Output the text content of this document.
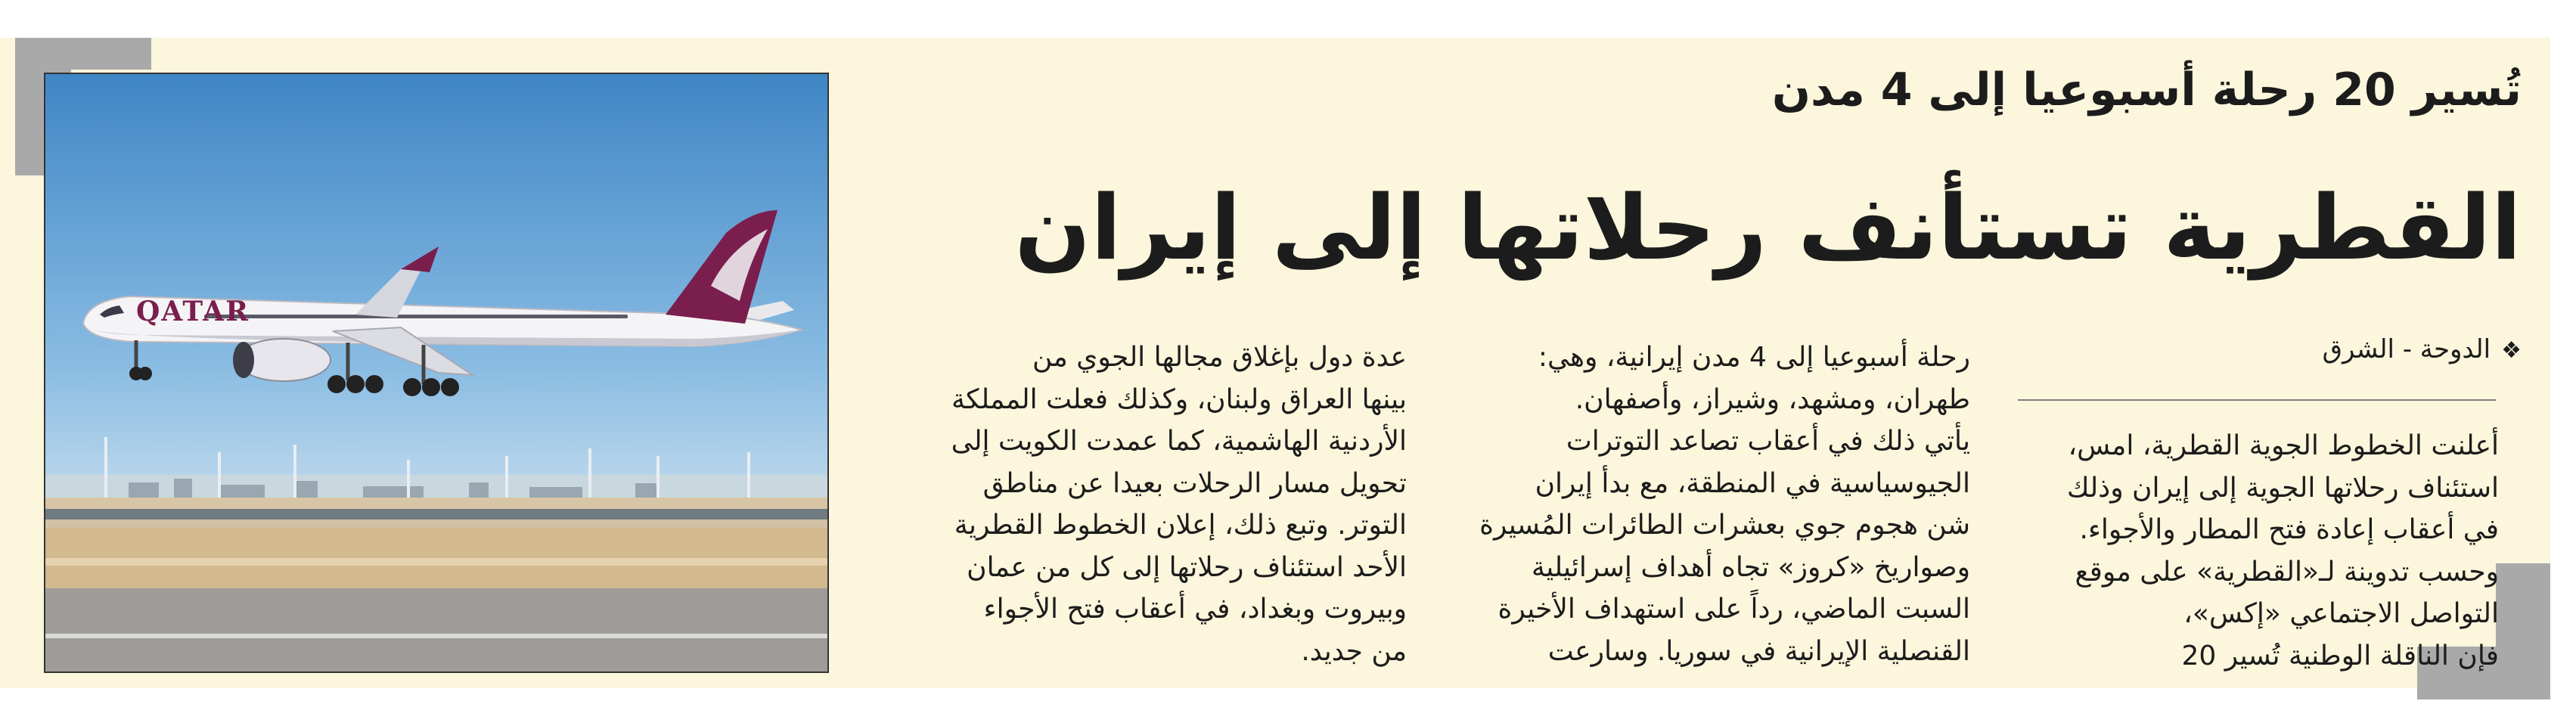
QATAR
تُسير 20 رحلة أسبوعيا إلى 4 مدن
القطرية تستأنف رحلاتها إلى إيران
❖الدوحة - الشرق
أعلنت الخطوط الجوية القطرية، امس،
استئناف رحلاتها الجوية إلى إيران وذلك
في أعقاب إعادة فتح المطار والأجواء.
وحسب تدوينة لـ«القطرية» على موقع
التواصل الاجتماعي «إكس»،
فإن الناقلة الوطنية تُسير 20
رحلة أسبوعيا إلى 4 مدن إيرانية، وهي:
طهران، ومشهد، وشيراز، وأصفهان.
يأتي ذلك في أعقاب تصاعد التوترات
الجيوسياسية في المنطقة، مع بدأ إيران
شن هجوم جوي بعشرات الطائرات المُسيرة
وصواريخ «كروز» تجاه أهداف إسرائيلية
السبت الماضي، رداً على استهداف الأخيرة
القنصلية الإيرانية في سوريا. وسارعت
عدة دول بإغلاق مجالها الجوي من
بينها العراق ولبنان، وكذلك فعلت المملكة
الأردنية الهاشمية، كما عمدت الكويت إلى
تحويل مسار الرحلات بعيدا عن مناطق
التوتر. وتبع ذلك، إعلان الخطوط القطرية
الأحد استئناف رحلاتها إلى كل من عمان
وبيروت وبغداد، في أعقاب فتح الأجواء
من جديد.
